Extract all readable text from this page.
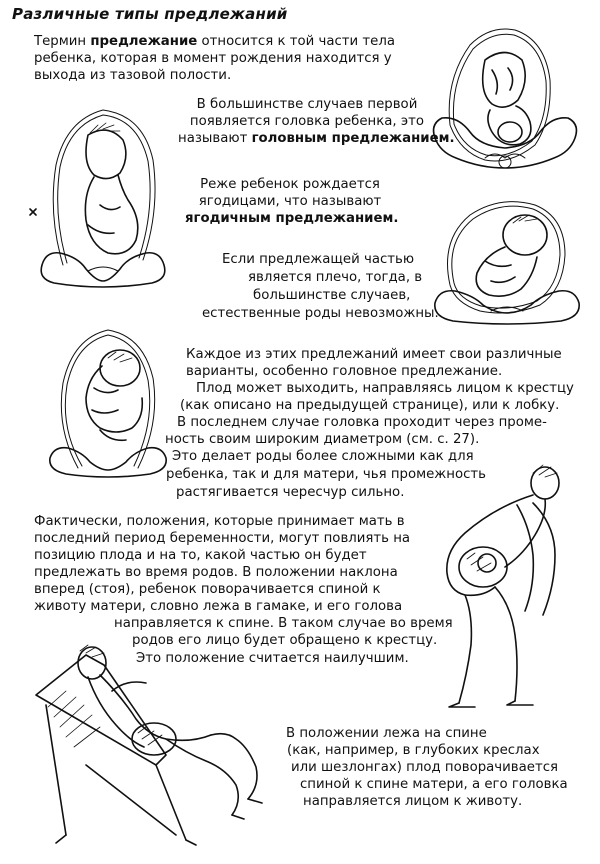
Различные типы предлежаний
Термин предлежание относится к той части тела
ребенка, которая в момент рождения находится у
выхода из тазовой полости.
В большинстве случаев первой
появляется головка ребенка, это
называют головным предлежанием.
Реже ребенок рождается
ягодицами, что называют
ягодичным предлежанием.
Если предлежащей частью
является плечо, тогда, в
большинстве случаев,
естественные роды невозможны.
Каждое из этих предлежаний имеет свои различные
варианты, особенно головное предлежание.
Плод может выходить, направляясь лицом к крестцу
(как описано на предыдущей странице), или к лобку.
В последнем случае головка проходит через проме-
ность своим широким диаметром (см. с. 27).
Это делает роды более сложными как для
ребенка, так и для матери, чья промежность
растягивается чересчур сильно.
Фактически, положения, которые принимает мать в
последний период беременности, могут повлиять на
позицию плода и на то, какой частью он будет
предлежать во время родов. В положении наклона
вперед (стоя), ребенок поворачивается спиной к
животу матери, словно лежа в гамаке, и его голова
направляется к спине. В таком случае во время
родов его лицо будет обращено к крестцу.
Это положение считается наилучшим.
В положении лежа на спине
(как, например, в глубоких креслах
или шезлонгах) плод поворачивается
спиной к спине матери, а его головка
направляется лицом к животу.
